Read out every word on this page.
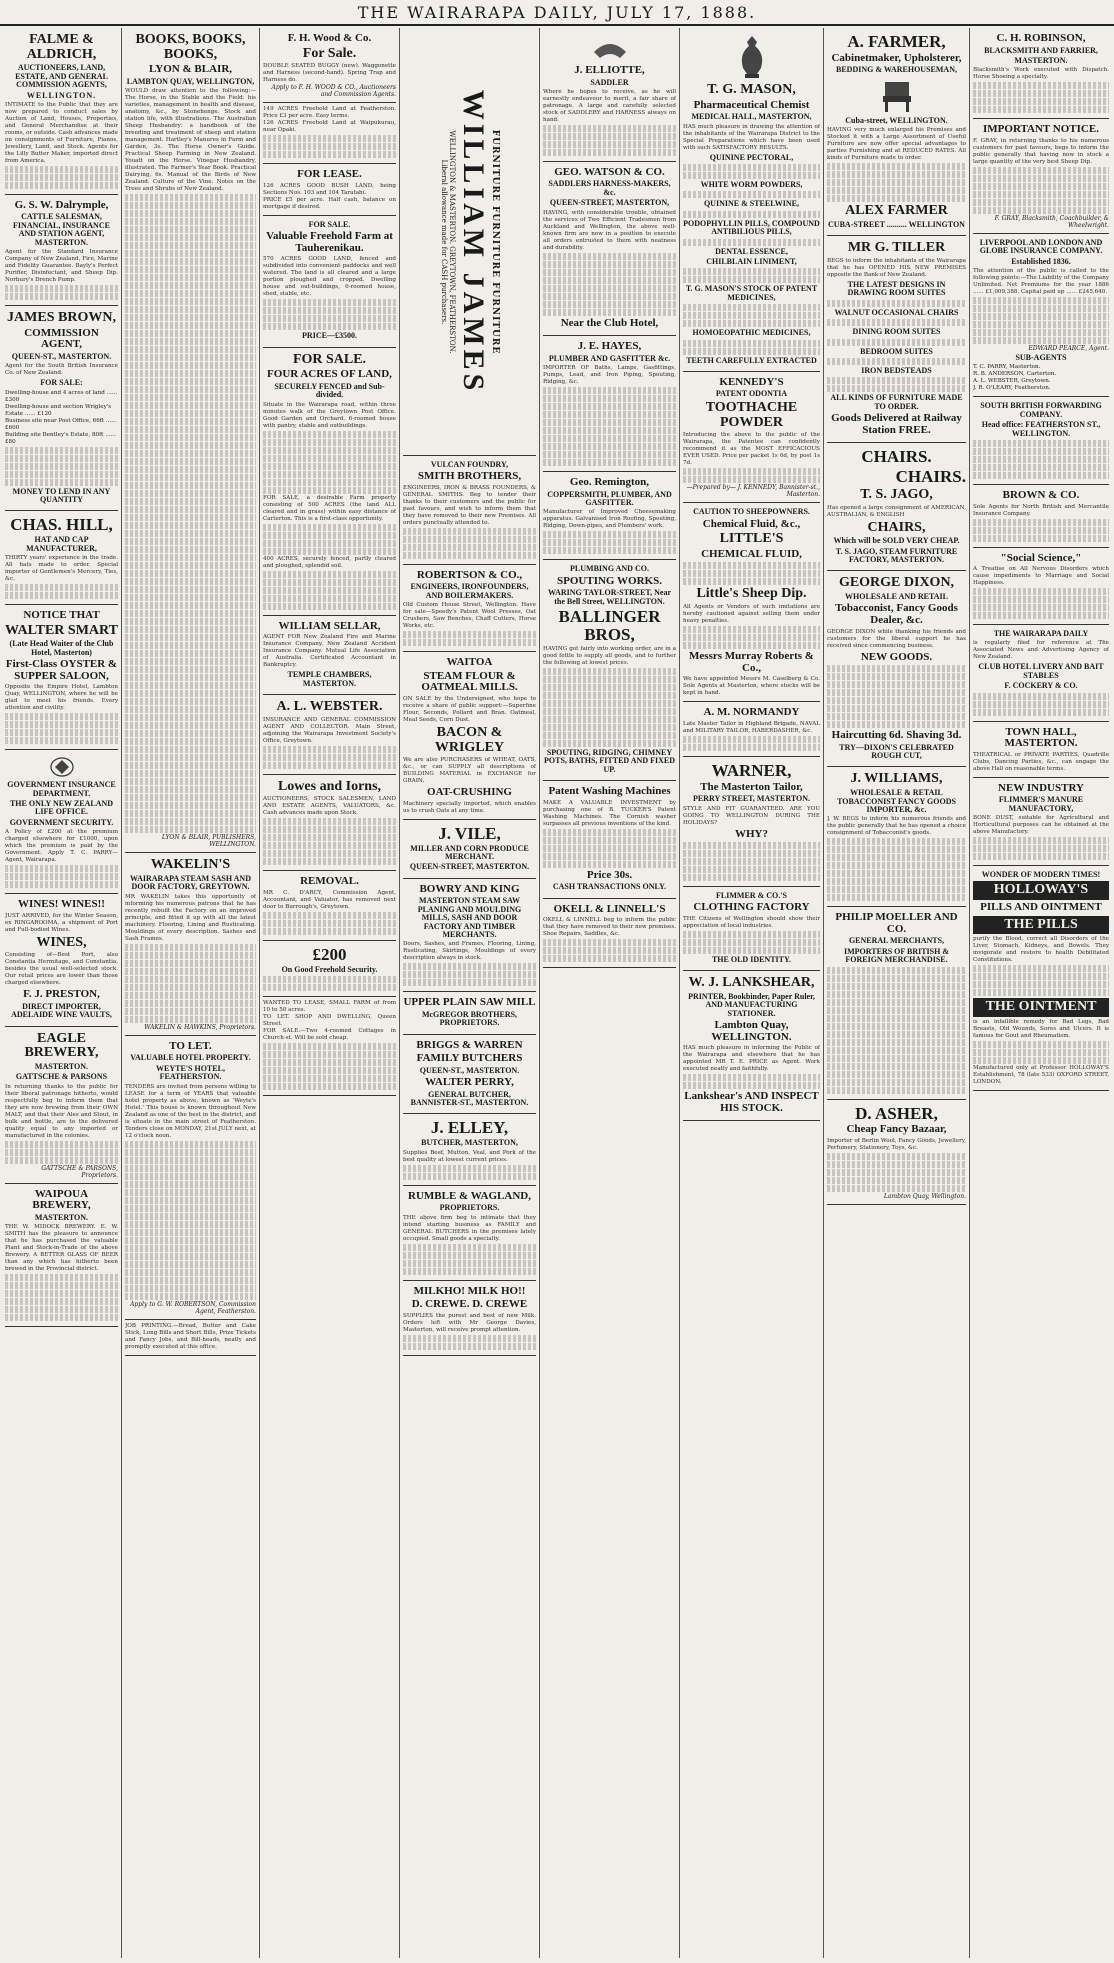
THE WAIRARAPA DAILY, JULY 17, 1888.
FALME & ALDRICH,
AUCTIONEERS, LAND, ESTATE, AND GENERAL COMMISSION AGENTS,
WELLINGTON.
INTIMATE to the Public that they are now prepared to conduct sales by Auction of Land, Houses, Properties, and General Merchandise at their rooms, or outside. Cash advances made on consignments of Furniture, Pianos, Jewellery, Land, and Stock. Agents for the Lilly Butter Maker, imported direct from America.
G. S. W. Dalrymple,
CATTLE SALESMAN, FINANCIAL, INSURANCE AND STATION AGENT, MASTERTON.
Agent for the Standard Insurance Company of New Zealand, Fire, Marine and Fidelity Guarantee. Bayly's Perfect Purifier, Disinfectant, and Sheep Dip. Norbury's Drench Pump.
JAMES BROWN,
COMMISSION AGENT,
QUEEN-ST., MASTERTON.
Agent for the South British Insurance Co. of New Zealand.
FOR SALE:
Dwelling-house and 4 acres of land ...... £300
Dwelling-house and section Wrigley's Estate ...... £120
Business site near Post Office, 66ft ...... £600
Building site Bentley's Estate, 80ft ...... £80
MONEY TO LEND IN ANY QUANTITY
CHAS. HILL,
HAT AND CAP MANUFACTURER,
THIRTY years' experience in the trade. All hats made to order. Special importer of Gentlemen's Mercery, Ties, &c.
NOTICE THAT
WALTER SMART
(Late Head Waiter of the Club Hotel, Masterton)
First-Class OYSTER & SUPPER SALOON,
Opposite the Empire Hotel, Lambton Quay, WELLINGTON, where he will be glad to meet his friends. Every attention and civility.
GOVERNMENT INSURANCE DEPARTMENT.
THE ONLY NEW ZEALAND LIFE OFFICE.
GOVERNMENT SECURITY.
A Policy of £200 at the premium charged elsewhere for £1000, upon which the premium is paid by the Government. Apply T. C. PARRY—Agent, Wairarapa.
WINES! WINES!!
JUST ARRIVED, for the Winter Season, ex RINGAROOMA, a shipment of Port and Full-bodied Wines.
WINES,
Consisting of—Best Port, also Constantia Hermitage, and Constantia, besides the usual well-selected stock. Our retail prices are lower than those charged elsewhere.
F. J. PRESTON,
DIRECT IMPORTER, ADELAIDE WINE VAULTS,
EAGLE BREWERY,
MASTERTON.
GATTSCHE & PARSONS
In returning thanks to the public for their liberal patronage hitherto, would respectfully beg to inform them that they are now brewing from their OWN MALT, and that their Ales and Stout, in bulk and bottle, are to the delivered quality equal to any imported or manufactured in the colonies.
GATTSCHE & PARSONS, Proprietors.
WAIPOUA BREWERY,
MASTERTON.
THE W. MIDOCK BREWERY. E. W. SMITH has the pleasure to announce that he has purchased the valuable Plant and Stock-in-Trade of the above Brewery. A BETTER GLASS OF BEER than any which has hitherto been brewed in the Provincial district.
BOOKS, BOOKS, BOOKS,
LYON & BLAIR,
LAMBTON QUAY, WELLINGTON,
WOULD draw attention to the following:— The Horse, in the Stable and the Field: his varieties, management in health and disease, anatomy, &c., by Stonehenge. Stock and station life, with illustrations. The Australian Sheep Husbandry: a handbook of the breeding and treatment of sheep and station management. Hartley's Manures in Farm and Garden, 3s. The Horse Owner's Guide. Practical Sheep Farming in New Zealand. Youatt on the Horse. Vinegar Husbandry, illustrated. The Farmer's Year Book. Practical Dairying, 6s. Manual of the Birds of New Zealand. Culture of the Vine. Notes on the Trees and Shrubs of New Zealand.
LYON & BLAIR, PUBLISHERS, WELLINGTON.
WAKELIN'S
WAIRARAPA STEAM SASH AND DOOR FACTORY, GREYTOWN.
MR WAKELIN takes this opportunity of informing his numerous patrons that he has recently rebuilt the Factory on an improved principle, and fitted it up with all the latest machinery. Flooring, Lining and Rusticating. Mouldings of every description. Sashes and Sash Frames.
WAKELIN & HAWKINS, Proprietors.
TO LET.
VALUABLE HOTEL PROPERTY.
WEYTE'S HOTEL, FEATHERSTON.
TENDERS are invited from persons willing to LEASE for a term of YEARS that valuable hotel property as above, known as 'Weyte's Hotel.' This house is known throughout New Zealand as one of the best in the district, and is situate in the main street of Featherston. Tenders close on MONDAY, 21st JULY next, at 12 o'clock noon.
Apply to G. W. ROBERTSON, Commission Agent, Featherston.
JOB PRINTING.—Bread, Butter and Cake Stick, Long Bills and Short Bills, Prize Tickets and Fancy Jobs, and Bill-heads, neatly and promptly executed at this office.
F. H. Wood & Co.
For Sale.
DOUBLE SEATED BUGGY (new). Waggonette and Harness (second-hand). Spring Trap and Harness do.
Apply to F. H. WOOD & CO., Auctioneers and Commission Agents.
149 ACRES Freehold Land at Featherston. Price £3 per acre. Easy terms.
126 ACRES Freehold Land at Waipukurau, near Opaki.
FOR LEASE.
126 ACRES GOOD BUSH LAND, being Sections Nos. 103 and 104 Taratahi.
PRICE £5 per acre. Half cash, balance on mortgage if desired.
FOR SALE.
Valuable Freehold Farm at Tauherenikau.
570 ACRES GOOD LAND, fenced and subdivided into convenient paddocks and well watered. The land is all cleared and a large portion ploughed and cropped. Dwelling house and out-buildings, 6-roomed house, shed, stable, etc.
PRICE—£3500.
FOR SALE.
FOUR ACRES OF LAND,
SECURELY FENCED and Sub-divided.
Situate in the Wairarapa road, within three minutes walk of the Greytown Post Office. Good Garden and Orchard, 6-roomed house with pantry, stable and outbuildings.
FOR SALE, a desirable Farm property consisting of 500 ACRES (the land ALL cleared and in grass) within easy distance of Carterton. This is a first-class opportunity.
400 ACRES, securely fenced, partly cleared and ploughed, splendid soil.
WILLIAM SELLAR,
AGENT FOR New Zealand Fire and Marine Insurance Company. New Zealand Accident Insurance Company. Mutual Life Association of Australia. Certificated Accountant in Bankruptcy.
TEMPLE CHAMBERS, MASTERTON.
A. L. WEBSTER.
INSURANCE AND GENERAL COMMISSION AGENT AND COLLECTOR. Main Street, adjoining the Wairarapa Investment Society's Office, Greytown.
Lowes and Iorns,
AUCTIONEERS, STOCK SALESMEN, LAND AND ESTATE AGENTS, VALUATORS, &c. Cash advances made upon Stock.
REMOVAL.
MR C. D'ARCY, Commission Agent, Accountant, and Valuator, has removed next door to Burrough's, Greytown.
£200
On Good Freehold Security.
WANTED TO LEASE, SMALL FARM of from 10 to 50 acres.
TO LET. SHOP AND DWELLING, Queen Street.
FOR SALE.—Two 4-roomed Cottages in Church-st. Will be sold cheap.
FURNITURE FURNITURE FURNITURE
WILLIAM JAMES
WELLINGTON & MASTERTON. GREYTOWN, FEATHERSTON.
Liberal allowance made for CASH purchasers.
VULCAN FOUNDRY,
SMITH BROTHERS,
ENGINEERS, IRON & BRASS FOUNDERS, & GENERAL SMITHS. Beg to tender their thanks to their customers and the public for past favours, and wish to inform them that they have removed to their new Premises. All orders punctually attended to.
ROBERTSON & CO.,
ENGINEERS, IRONFOUNDERS, AND BOILERMAKERS.
Old Custom House Street, Wellington. Have for sale—Speedy's Patent Wool Presses, Oat Crushers, Saw Benches, Chaff Cutters, Horse Works, etc.
WAITOA
STEAM FLOUR & OATMEAL MILLS.
ON SALE by the Undersigned, who hope to receive a share of public support:—Superfine Flour, Seconds, Pollard and Bran. Oatmeal, Meal Seeds, Corn Dust.
BACON & WRIGLEY
We are also PURCHASERS of WHEAT, OATS, &c., or can SUPPLY all descriptions of BUILDING MATERIAL in EXCHANGE for GRAIN.
OAT-CRUSHING
Machinery specially imported, which enables us to crush Oats at any time.
J. VILE,
MILLER AND CORN PRODUCE MERCHANT.
QUEEN-STREET, MASTERTON.
BOWRY AND KING
MASTERTON STEAM SAW PLANING AND MOULDING MILLS, SASH AND DOOR FACTORY AND TIMBER MERCHANTS.
Doors, Sashes, and Frames, Flooring, Lining, Rusticating, Skirtings, Mouldings of every description always in stock.
UPPER PLAIN SAW MILL
McGREGOR BROTHERS, PROPRIETORS.
BRIGGS & WARREN
FAMILY BUTCHERS
QUEEN-ST., MASTERTON.
WALTER PERRY,
GENERAL BUTCHER, BANNISTER-ST., MASTERTON.
J. ELLEY,
BUTCHER, MASTERTON,
Supplies Beef, Mutton, Veal, and Pork of the best quality at lowest current prices.
RUMBLE & WAGLAND,
PROPRIETORS.
THE above firm beg to intimate that they intend starting business as FAMILY and GENERAL BUTCHERS in the premises lately occupied. Small goods a specialty.
MILKHO! MILK HO!!
D. CREWE. D. CREWE
SUPPLIES the purest and best of new Milk. Orders left with Mr George Davies, Masterton, will receive prompt attention.
J. ELLIOTTE,
SADDLER
Where he hopes to receive, as he will earnestly endeavour to merit, a fair share of patronage. A large and carefully selected stock of SADDLERY and HARNESS always on hand.
GEO. WATSON & CO.
SADDLERS HARNESS-MAKERS, &c.
QUEEN-STREET, MASTERTON,
HAVING, with considerable trouble, obtained the services of Two Efficient Tradesmen from Auckland and Wellington, the above well-known firm are now in a position to execute all orders entrusted to them with neatness and durability.
Near the Club Hotel,
J. E. HAYES,
PLUMBER AND GASFITTER &c.
IMPORTER OF Baths, Lamps, Gasfittings, Pumps, Lead, and Iron Piping, Spouting, Ridging, &c.
Geo. Remington,
COPPERSMITH, PLUMBER, AND GASFITTER.
Manufacturer of Improved Cheesemaking apparatus. Galvanised Iron Roofing, Spouting, Ridging, Down-pipes, and Plumbers' work.
PLUMBING AND CO.
SPOUTING WORKS.
WARING TAYLOR-STREET, Near the Bell Street, WELLINGTON.
BALLINGER BROS,
HAVING got fairly into working order, are in a good fettle to supply all goods, and to further the following at lowest prices.
SPOUTING, RIDGING, CHIMNEY POTS, BATHS, FITTED AND FIXED UP.
Patent Washing Machines
MAKE A VALUABLE INVESTMENT by purchasing one of B. TUCKER'S Patent Washing Machines. The Cornish washer surpasses all previous inventions of the kind.
Price 30s.
CASH TRANSACTIONS ONLY.
OKELL & LINNELL'S
OKELL & LINNELL beg to inform the public that they have removed to their new premises. Shoe Repairs, Saddles, &c.
T. G. MASON,
Pharmaceutical Chemist
MEDICAL HALL, MASTERTON,
HAS much pleasure in drawing the attention of the inhabitants of the Wairarapa District to the Special Preparations which have been used with such SATISFACTORY RESULTS.
QUININE PECTORAL,
WHITE WORM POWDERS,
QUININE & STEELWINE,
PODOPHYLLIN PILLS, COMPOUND ANTIBILIOUS PILLS,
DENTAL ESSENCE,
CHILBLAIN LINIMENT,
T. G. MASON'S STOCK OF PATENT MEDICINES,
HOMOEOPATHIC MEDICINES,
TEETH CAREFULLY EXTRACTED
KENNEDY'S
PATENT ODONTIA
TOOTHACHE POWDER
Introducing the above to the public of the Wairarapa, the Patentee can confidently recommend it as the MOST EFFICACIOUS EVER USED. Price per packet 1s 6d, by post 1s 7d.
—Prepared by— J. KENNEDY, Bannister-st., Masterton.
CAUTION TO SHEEPOWNERS.
Chemical Fluid, &c.,
LITTLE'S
CHEMICAL FLUID,
Little's Sheep Dip.
All Agents or Vendors of such imitations are hereby cautioned against selling them under heavy penalties.
Messrs Murray Roberts & Co.,
We have appointed Messrs M. Caselberg & Co. Sole Agents at Masterton, where stocks will be kept in hand.
A. M. NORMANDY
Late Master Tailor in Highland Brigade, NAVAL and MILITARY TAILOR, HABERDASHER, &c.
WARNER,
The Masterton Tailor,
PERRY STREET, MASTERTON.
STYLE AND FIT GUARANTEED. ARE YOU GOING TO WELLINGTON DURING THE HOLIDAYS?
WHY?
FLIMMER & CO.'S
CLOTHING FACTORY
THE Citizens of Wellington should show their appreciation of local industries.
THE OLD IDENTITY.
W. J. LANKSHEAR,
PRINTER, Bookbinder, Paper Ruler, AND MANUFACTURING STATIONER.
Lambton Quay, WELLINGTON.
HAS much pleasure in informing the Public of the Wairarapa and elsewhere that he has appointed MR T. E. PRICE as Agent. Work executed neatly and faithfully.
Lankshear's AND INSPECT HIS STOCK.
A. FARMER,
Cabinetmaker, Upholsterer,
BEDDING & WAREHOUSEMAN,
Cuba-street, WELLINGTON.
HAVING very much enlarged his Premises and Stocked it with a Large Assortment of Useful Furniture are now offer special advantages to parties Furnishing and at REDUCED RATES. All kinds of Furniture made to order.
ALEX FARMER
CUBA-STREET .......... WELLINGTON
MR G. TILLER
BEGS to inform the inhabitants of the Wairarapa that he has OPENED HIS NEW PREMISES opposite the Bank of New Zealand.
THE LATEST DESIGNS IN DRAWING ROOM SUITES
WALNUT OCCASIONAL CHAIRS
DINING ROOM SUITES
BEDROOM SUITES
IRON BEDSTEADS
ALL KINDS OF FURNITURE MADE TO ORDER.
Goods Delivered at Railway Station FREE.
CHAIRS.
CHAIRS.
T. S. JAGO,
Has opened a large consignment of AMERICAN, AUSTRALIAN, & ENGLISH
CHAIRS,
Which will be SOLD VERY CHEAP.
T. S. JAGO, STEAM FURNITURE FACTORY, MASTERTON.
GEORGE DIXON,
WHOLESALE AND RETAIL
Tobacconist, Fancy Goods Dealer, &c.
GEORGE DIXON while thanking his friends and customers for the liberal support he has received since commencing business.
NEW GOODS.
Haircutting 6d. Shaving 3d.
TRY—DIXON'S CELEBRATED ROUGH CUT,
J. WILLIAMS,
WHOLESALE & RETAIL TOBACCONIST FANCY GOODS IMPORTER, &c.
J. W. BEGS to inform his numerous friends and the public generally that he has opened a choice consignment of Tobacconist's goods.
PHILIP MOELLER AND CO.
GENERAL MERCHANTS,
IMPORTERS OF BRITISH & FOREIGN MERCHANDISE.
D. ASHER,
Cheap Fancy Bazaar,
Importer of Berlin Wool, Fancy Goods, Jewellery, Perfumery, Stationery, Toys, &c.
Lambton Quay, Wellington.
C. H. ROBINSON,
BLACKSMITH AND FARRIER,
MASTERTON.
Blacksmith's Work executed with Dispatch. Horse Shoeing a specialty.
IMPORTANT NOTICE.
F. GRAY, in returning thanks to his numerous customers for past favours, begs to inform the public generally that having now in stock a large quantity of the very best Sheep Dip.
F. GRAY, Blacksmith, Coachbuilder, & Wheelwright.
LIVERPOOL AND LONDON AND GLOBE INSURANCE COMPANY.
Established 1836.
The attention of the public is called to the following points:—The Liability of the Company Unlimited. Net Premiums for the year 1886 ...... £1,009,388. Capital paid up ...... £245,640.
EDWARD PEARCE, Agent.
SUB-AGENTS
T. C. PARRY, Masterton.
R. B. ANDERSON, Carterton.
A. L. WEBSTER, Greytown.
J. R. O'LEARY, Featherston.
SOUTH BRITISH FORWARDING COMPANY.
Head office: FEATHERSTON ST., WELLINGTON.
BROWN & CO.
Sole Agents for North British and Mercantile Insurance Company.
"Social Science,"
A Treatise on All Nervous Disorders which cause impediments to Marriage and Social Happiness.
THE WAIRARAPA DAILY
is regularly filed for reference at The Associated News and Advertising Agency of New Zealand.
CLUB HOTEL LIVERY AND BAIT STABLES
F. COCKERY & CO.
TOWN HALL, MASTERTON.
THEATRICAL or PRIVATE PARTIES, Quadrille Clubs, Dancing Parties, &c., can engage the above Hall on reasonable terms.
NEW INDUSTRY
FLIMMER'S MANURE MANUFACTORY,
BONE DUST, suitable for Agricultural and Horticultural purposes can be obtained at the above Manufactory.
WONDER OF MODERN TIMES!
HOLLOWAY'S
PILLS AND OINTMENT
THE PILLS
purify the Blood, correct all Disorders of the Liver, Stomach, Kidneys, and Bowels. They invigorate and restore to health Debilitated Constitutions.
THE OINTMENT
is an infallible remedy for Bad Legs, Bad Breasts, Old Wounds, Sores and Ulcers. It is famous for Gout and Rheumatism.
Manufactured only at Professor HOLLOWAY'S Establishment, 78 (late 533) OXFORD STREET, LONDON.
